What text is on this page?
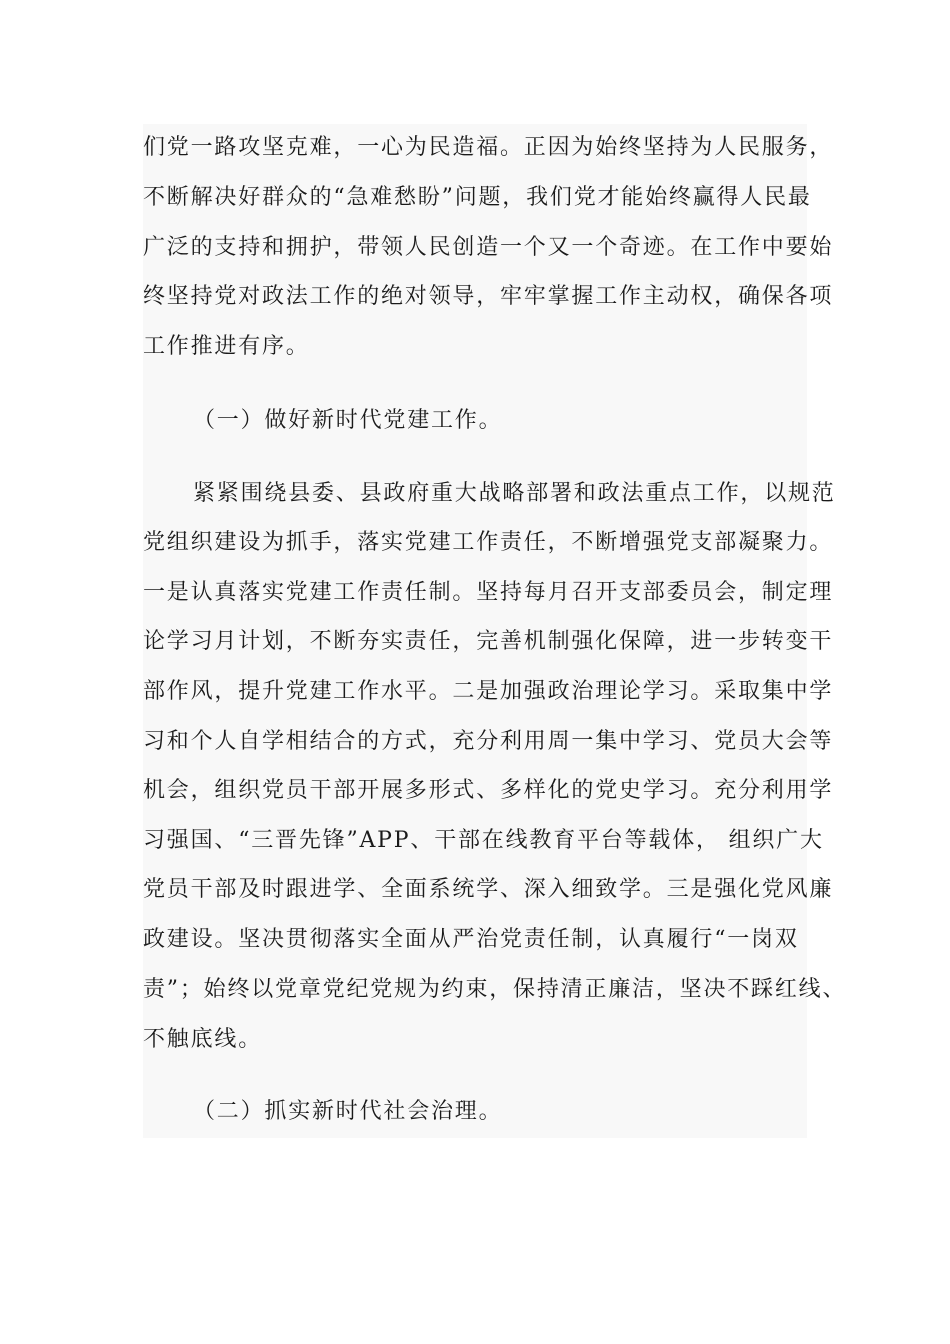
们党一路攻坚克难，一心为民造福。正因为始终坚持为人民服务，
不断解决好群众的“急难愁盼”问题，我们党才能始终赢得人民最
广泛的支持和拥护，带领人民创造一个又一个奇迹。在工作中要始
终坚持党对政法工作的绝对领导，牢牢掌握工作主动权，确保各项
工作推进有序。
（一）做好新时代党建工作。
紧紧围绕县委、县政府重大战略部署和政法重点工作，以规范
党组织建设为抓手，落实党建工作责任，不断增强党支部凝聚力。
一是认真落实党建工作责任制。坚持每月召开支部委员会，制定理
论学习月计划，不断夯实责任，完善机制强化保障，进一步转变干
部作风，提升党建工作水平。二是加强政治理论学习。采取集中学
习和个人自学相结合的方式，充分利用周一集中学习、党员大会等
机会，组织党员干部开展多形式、多样化的党史学习。充分利用学
习强国、“三晋先锋”APP、干部在线教育平台等载体， 组织广大
党员干部及时跟进学、全面系统学、深入细致学。三是强化党风廉
政建设。坚决贯彻落实全面从严治党责任制，认真履行“一岗双
责”；始终以党章党纪党规为约束，保持清正廉洁，坚决不踩红线、
不触底线。
（二）抓实新时代社会治理。
